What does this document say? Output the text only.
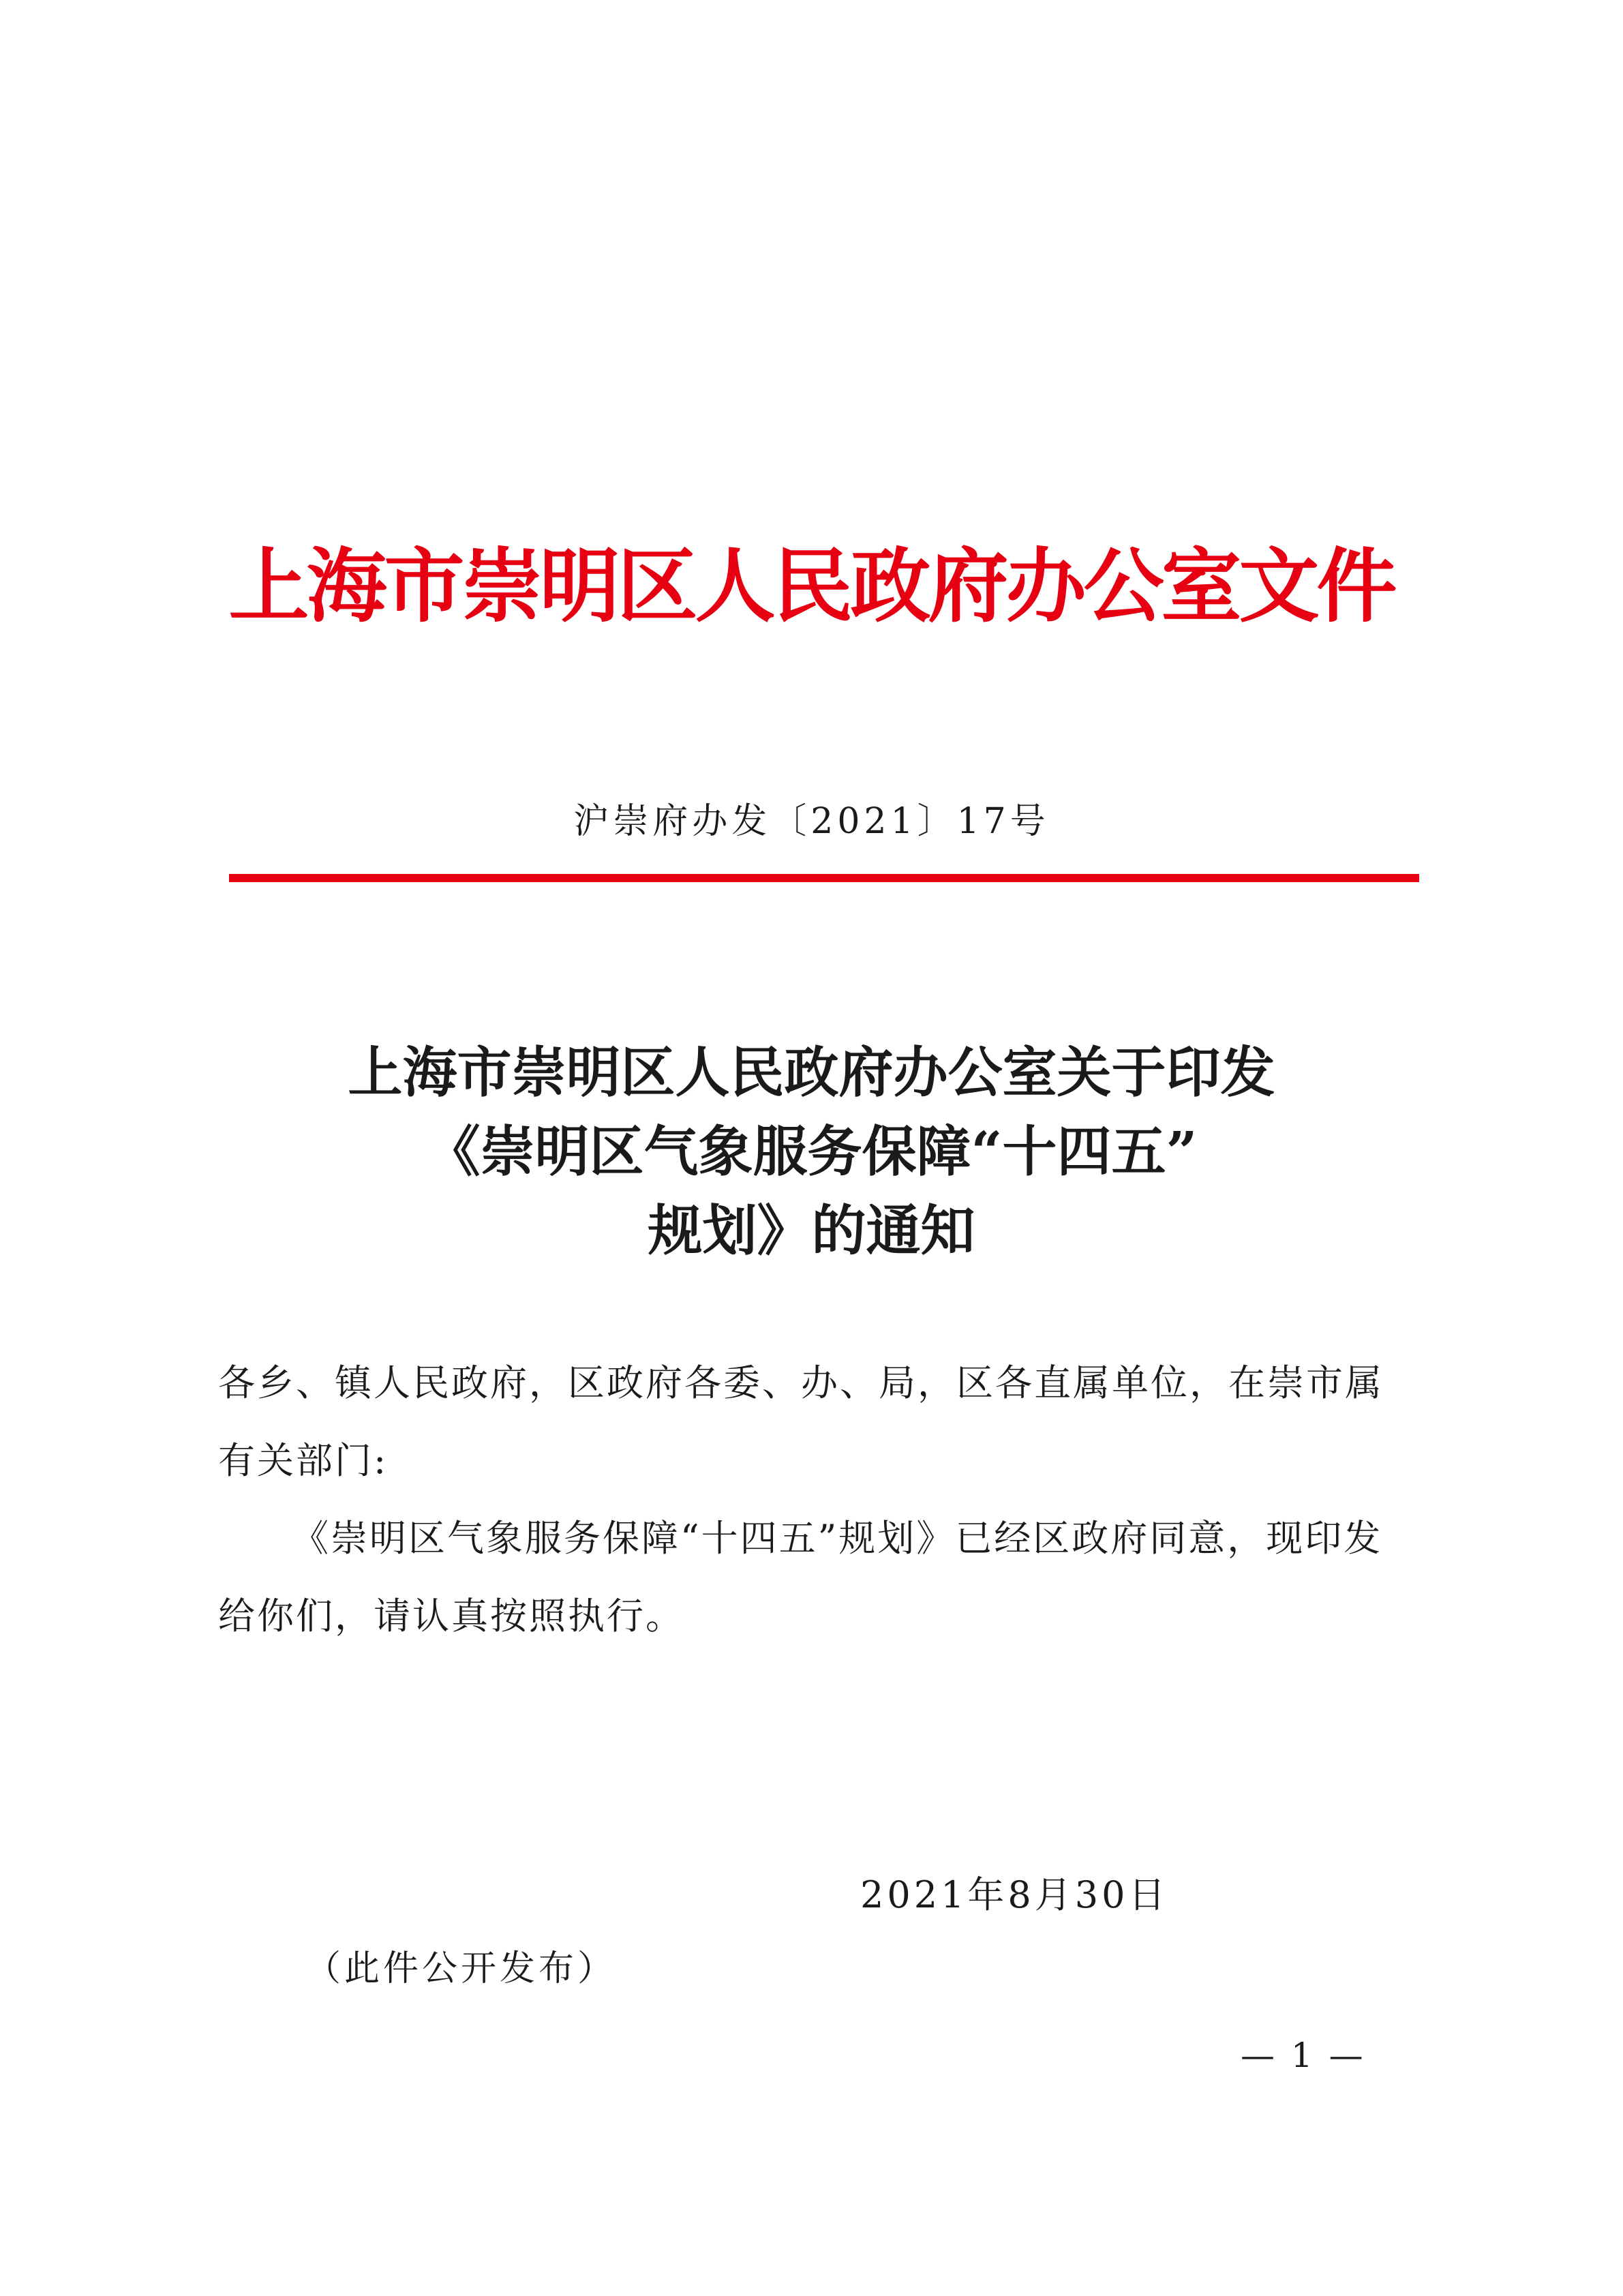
上海市崇明区人民政府办公室文件
沪崇府办发〔2021〕17号
上海市崇明区人民政府办公室关于印发
《崇明区气象服务保障“十四五”
规划》的通知

各乡、镇人民政府，区政府各委、办、局，区各直属单位，在崇市属有关部门:

《崇明区气象服务保障“十四五”规划》已经区政府同意，现印发给你们，请认真按照执行。

2021年8月30日
（此件公开发布）
— 1 —
